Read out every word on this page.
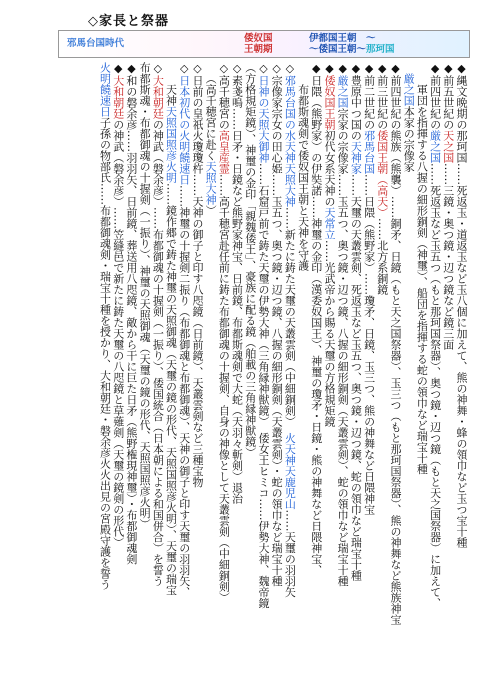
◇家長と祭器
邪馬台国時代	倭奴国
王朝期
伊都国王朝　〜
〜倭国王朝〜那珂国
◆縄文晩期の那珂国……死返玉・道返玉など玉八個に加えて、熊の神舞・蜂の領巾など玉つ宝十種
◆前五世紀の天之国……三鏡・奥つ鏡・辺つ鏡など鏡三面
◆前四世紀の厳之国……死返玉など玉五つ（もと那珂国祭器）、奥つ鏡・辺つ鏡（もと天之国祭器）に加えて、
軍団を指揮する八握の細形銅剣（神璽）、船団を指揮する蛇の領巾など瑞宝十種
厳之国本家の宗像家
◆前四世紀の熊族（熊襲）……銅矛、日鏡（もと天之国祭器）、玉三つ（もと那珂国祭器）、熊の神舞など熊族神宝
◆前三世紀の倭国王朝（高天）……北方系銅鏡
◆前二世紀の邪馬台国……日隈（熊野家）……瓊矛、日鏡、玉三つ、熊の神舞など日隈神宝
◆豊原中つ国の天神家……天璽の天叢雲剣、死返玉など玉五つ、奥つ鏡・辺つ鏡、蛇の領巾など瑞宝十種
◆厳之国宗家の宗像家……玉五つ、奥つ鏡・辺つ鏡、八握の細形銅剣（天叢雲剣）、蛇の領巾など瑞宝十種
◆倭奴国王朝初代女系天神の天常立……光武帝から賜る天璽の方格規矩鏡
◆日隈（熊野家）の伊奘諾……神璽の金印（漢委奴国王）、神璽の瓊矛・日鏡・熊の神舞など日隈神宝、
布都斯魂剣で倭奴国王朝と天神を守護
◇邪馬台国の水天神天照大神……新たに鋳た天璽の天叢雲剣（中細銅剣）　火天神天鹿児山……天璽の羽羽矢
◇宗像家宗女の田心姫……玉五つ、奥つ鏡・辺つ鏡、八握の細形銅剣（天叢雲剣）・蛇の領巾など瑞宝十種
◇日神の天照大御神……石窟戸前で鋳た天璽の伊勢大神（三角縁神獣鏡）　倭女王ヒミコ……伊勢大神、魏帝鏡
（方格規矩鏡）、神璽の金印「親魏倭王」、豪族に配る鏡（舶載の三角縁神獣鏡）
◇素戔嗚……日矛・日鏡など熊野家神宝、日前鏡、布都斯魂剣で大蛇（天羽々斬剣）退治
◇高千穂宮の高皇産霊……高千穂宮赴任前に鋳た布都御魂の十握剣、自身の神像として天叢雲剣（中細銅剣）
（高千穂宮に赴く天照大神）
◇日前の皇祇火瓊瓊杵……天神の御子と印す八咫鏡（日前鏡）、天叢雲剣など三種宝物
◇日本初代の火明饒速日……神璽の十握剣二振り（布都御魂と布都御魂）、天神の御子と印す天璽の羽羽矢、
天神天照国照彦火明……鏡作郷で鋳た神璽の天照御魂（天璽の鏡の形代、天照国照彦火明）、天璽の瑞宝
◇大和朝廷の神武（磐余彦）……布都御魂の十握剣（一振り）、倭国統合（日本朝による和国併合）を誓う
布都斯魂・布都御魂の十握剣（一振り）、神璽の天照御魂（天璽の鏡の形代、天照国照彦火明）
◆和の磐余彦……羽羽矢、日前鏡、葬送用八咫鏡、敵から干に巨た日矛（熊野権現神璽）・布都御魂剣
◆大和朝廷の神武（磐余彦）……笠縫邑で新たに鋳た天璽の八咫鏡と草薙剣（天璽の鏡剣の形代）
火明饒速日子孫の物部氏……布都御魂剣・瑞宝十種を授かり、大和朝廷・磐余彦火火出見の宮殿守護を誓う
